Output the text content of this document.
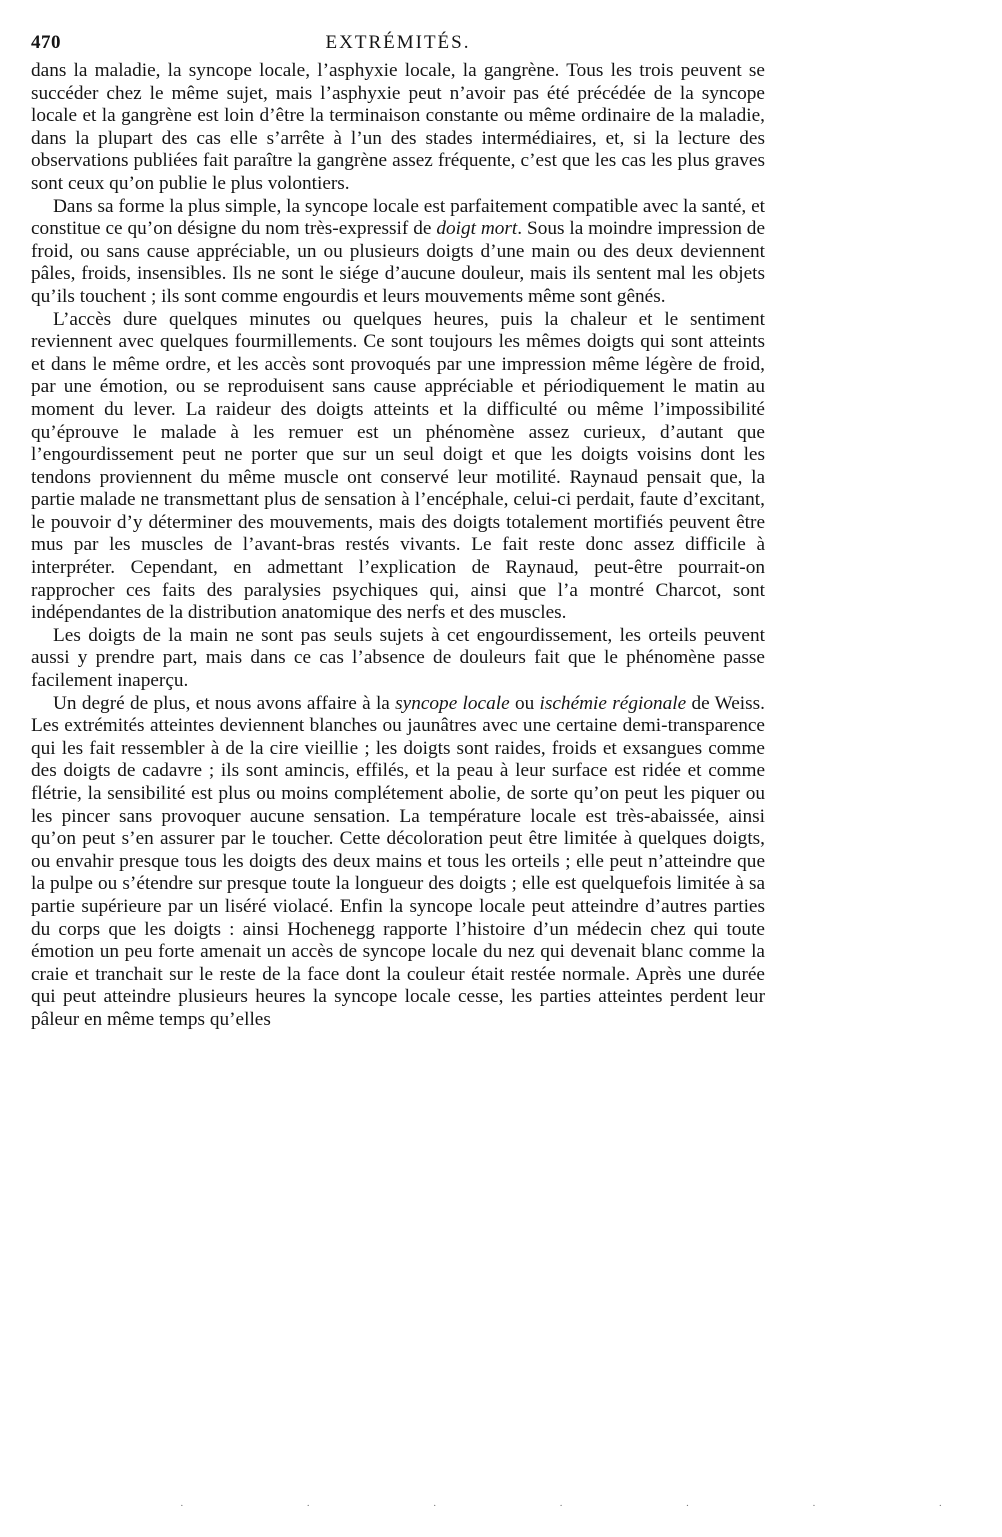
470	EXTRÉMITÉS.

dans la maladie, la syncope locale, l’asphyxie locale, la gangrène. Tous les trois peuvent se succéder chez le même sujet, mais l’asphyxie peut n’avoir pas été précédée de la syncope locale et la gangrène est loin d’être la terminaison constante ou même ordinaire de la maladie, dans la plupart des cas elle s’arrête à l’un des stades intermédiaires, et, si la lecture des observations publiées fait paraître la gangrène assez fréquente, c’est que les cas les plus graves sont ceux qu’on publie le plus volontiers.

Dans sa forme la plus simple, la syncope locale est parfaitement compatible avec la santé, et constitue ce qu’on désigne du nom très-expressif de doigt mort. Sous la moindre impression de froid, ou sans cause appréciable, un ou plusieurs doigts d’une main ou des deux deviennent pâles, froids, insensibles. Ils ne sont le siége d’aucune douleur, mais ils sentent mal les objets qu’ils touchent ; ils sont comme engourdis et leurs mouvements même sont gênés.

L’accès dure quelques minutes ou quelques heures, puis la chaleur et le sentiment reviennent avec quelques fourmillements. Ce sont toujours les mêmes doigts qui sont atteints et dans le même ordre, et les accès sont provoqués par une impression même légère de froid, par une émotion, ou se reproduisent sans cause appréciable et périodiquement le matin au moment du lever. La raideur des doigts atteints et la difficulté ou même l’impossibilité qu’éprouve le malade à les remuer est un phénomène assez curieux, d’autant que l’engourdissement peut ne porter que sur un seul doigt et que les doigts voisins dont les tendons proviennent du même muscle ont conservé leur motilité. Raynaud pensait que, la partie malade ne transmettant plus de sensation à l’encéphale, celui-ci perdait, faute d’excitant, le pouvoir d’y déterminer des mouvements, mais des doigts totalement mortifiés peuvent être mus par les muscles de l’avant-bras restés vivants. Le fait reste donc assez difficile à interpréter. Cependant, en admettant l’explication de Raynaud, peut-être pourrait-on rapprocher ces faits des paralysies psychiques qui, ainsi que l’a montré Charcot, sont indépendantes de la distribution anatomique des nerfs et des muscles.

Les doigts de la main ne sont pas seuls sujets à cet engourdissement, les orteils peuvent aussi y prendre part, mais dans ce cas l’absence de douleurs fait que le phénomène passe facilement inaperçu.

Un degré de plus, et nous avons affaire à la syncope locale ou ischémie régionale de Weiss. Les extrémités atteintes deviennent blanches ou jaunâtres avec une certaine demi-transparence qui les fait ressembler à de la cire vieillie ; les doigts sont raides, froids et exsangues comme des doigts de cadavre ; ils sont amincis, effilés, et la peau à leur surface est ridée et comme flétrie, la sensibilité est plus ou moins complétement abolie, de sorte qu’on peut les piquer ou les pincer sans provoquer aucune sensation. La température locale est très-abaissée, ainsi qu’on peut s’en assurer par le toucher. Cette décoloration peut être limitée à quelques doigts, ou envahir presque tous les doigts des deux mains et tous les orteils ; elle peut n’atteindre que la pulpe ou s’étendre sur presque toute la longueur des doigts ; elle est quelquefois limitée à sa partie supérieure par un liséré violacé. Enfin la syncope locale peut atteindre d’autres parties du corps que les doigts : ainsi Hochenegg rapporte l’histoire d’un médecin chez qui toute émotion un peu forte amenait un accès de syncope locale du nez qui devenait blanc comme la craie et tranchait sur le reste de la face dont la couleur était restée normale. Après une durée qui peut atteindre plusieurs heures la syncope locale cesse, les parties atteintes perdent leur pâleur en même temps qu’elles

· · · · · · ·
